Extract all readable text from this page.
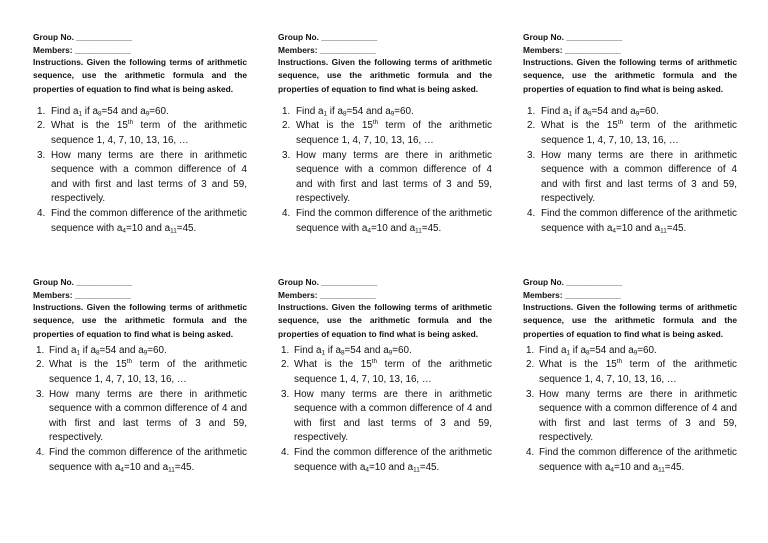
Group No. ____________
Members: ____________

Instructions. Given the following terms of arithmetic sequence, use the arithmetic formula and the properties of equation to find what is being asked.

1. Find $a_1$ if $a_8=54$ and $a_9=60$.
2. What is the 15th term of the arithmetic sequence 1, 4, 7, 10, 13, 16, …
3. How many terms are there in arithmetic sequence with a common difference of 4 and with first and last terms of 3 and 59, respectively.
4. Find the common difference of the arithmetic sequence with $a_4=10$ and $a_{11}=45$.
Group No. ____________
Members: ____________

Instructions. Given the following terms of arithmetic sequence, use the arithmetic formula and the properties of equation to find what is being asked.

1. Find $a_1$ if $a_8=54$ and $a_9=60$.
2. What is the 15th term of the arithmetic sequence 1, 4, 7, 10, 13, 16, …
3. How many terms are there in arithmetic sequence with a common difference of 4 and with first and last terms of 3 and 59, respectively.
4. Find the common difference of the arithmetic sequence with $a_4=10$ and $a_{11}=45$.
Group No. ____________
Members: ____________

Instructions. Given the following terms of arithmetic sequence, use the arithmetic formula and the properties of equation to find what is being asked.

1. Find $a_1$ if $a_8=54$ and $a_9=60$.
2. What is the 15th term of the arithmetic sequence 1, 4, 7, 10, 13, 16, …
3. How many terms are there in arithmetic sequence with a common difference of 4 and with first and last terms of 3 and 59, respectively.
4. Find the common difference of the arithmetic sequence with $a_4=10$ and $a_{11}=45$.
Group No. ____________
Members: ____________

Instructions. Given the following terms of arithmetic sequence, use the arithmetic formula and the properties of equation to find what is being asked.

1. Find $a_1$ if $a_8=54$ and $a_9=60$.
2. What is the 15th term of the arithmetic sequence 1, 4, 7, 10, 13, 16, …
3. How many terms are there in arithmetic sequence with a common difference of 4 and with first and last terms of 3 and 59, respectively.
4. Find the common difference of the arithmetic sequence with $a_4=10$ and $a_{11}=45$.
Group No. ____________
Members: ____________

Instructions. Given the following terms of arithmetic sequence, use the arithmetic formula and the properties of equation to find what is being asked.

1. Find $a_1$ if $a_8=54$ and $a_9=60$.
2. What is the 15th term of the arithmetic sequence 1, 4, 7, 10, 13, 16, …
3. How many terms are there in arithmetic sequence with a common difference of 4 and with first and last terms of 3 and 59, respectively.
4. Find the common difference of the arithmetic sequence with $a_4=10$ and $a_{11}=45$.
Group No. ____________
Members: ____________

Instructions. Given the following terms of arithmetic sequence, use the arithmetic formula and the properties of equation to find what is being asked.

1. Find $a_1$ if $a_8=54$ and $a_9=60$.
2. What is the 15th term of the arithmetic sequence 1, 4, 7, 10, 13, 16, …
3. How many terms are there in arithmetic sequence with a common difference of 4 and with first and last terms of 3 and 59, respectively.
4. Find the common difference of the arithmetic sequence with $a_4=10$ and $a_{11}=45$.
